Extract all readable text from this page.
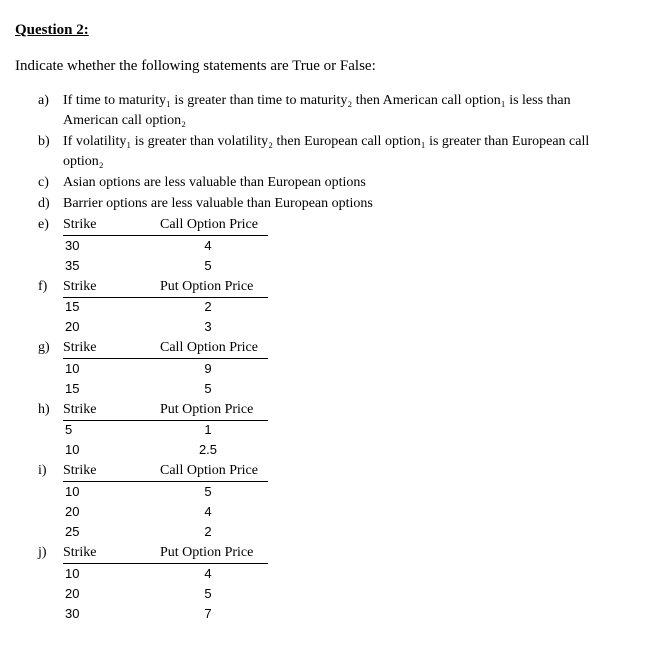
Question 2:
Indicate whether the following statements are True or False:
a)	If time to maturity₁ is greater than time to maturity₂ then American call option₁ is less than
American call option₂
b) If volatility₁ is greater than volatility₂ then European call option₁ is greater than European call
option₂
c)	Asian options are less valuable than European options
d) Barrier options are less valuable than European options
e)	Strike	Call Option Price
30	4
35	5
f)	Strike	Put Option Price
15	2
20	3
g) Strike	Call Option Price
10	9
15	5
h) Strike	Put Option Price
5	1
10	2.5
i)	Strike	Call Option Price
10	5
20	4
25	2
j)	Strike	Put Option Price
10	4
20	5
30	7
